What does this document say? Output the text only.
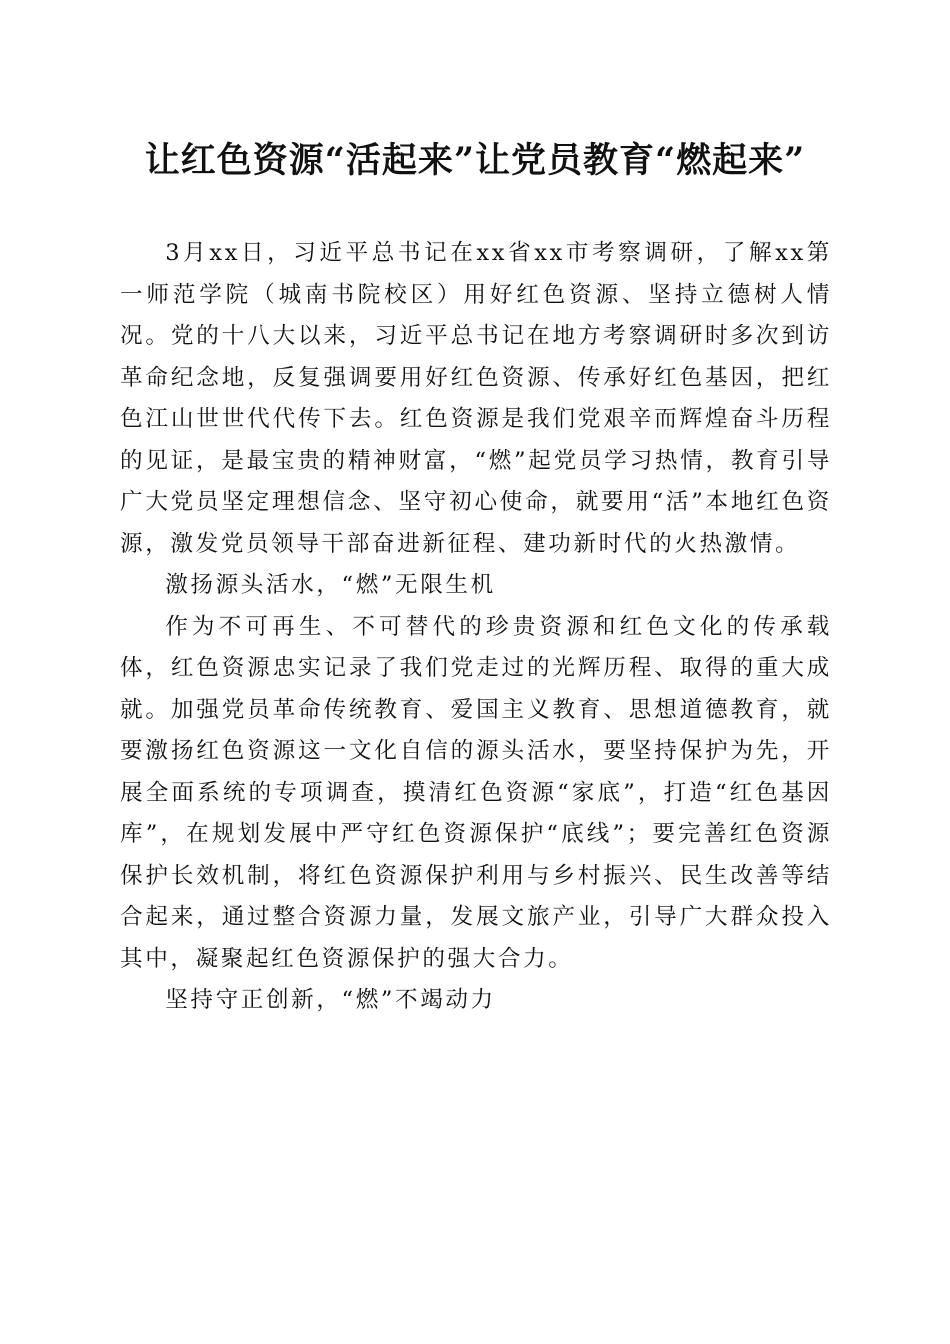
让红色资源“活起来”让党员教育“燃起来”

3月xx日，习近平总书记在xx省xx市考察调研，了解xx第一师范学院（城南书院校区）用好红色资源、坚持立德树人情况。党的十八大以来，习近平总书记在地方考察调研时多次到访革命纪念地，反复强调要用好红色资源、传承好红色基因，把红色江山世世代代传下去。红色资源是我们党艰辛而辉煌奋斗历程的见证，是最宝贵的精神财富，“燃”起党员学习热情，教育引导广大党员坚定理想信念、坚守初心使命，就要用“活”本地红色资源，激发党员领导干部奋进新征程、建功新时代的火热激情。

激扬源头活水，“燃”无限生机

作为不可再生、不可替代的珍贵资源和红色文化的传承载体，红色资源忠实记录了我们党走过的光辉历程、取得的重大成就。加强党员革命传统教育、爱国主义教育、思想道德教育，就要激扬红色资源这一文化自信的源头活水，要坚持保护为先，开展全面系统的专项调查，摸清红色资源“家底”，打造“红色基因库”，在规划发展中严守红色资源保护“底线”；要完善红色资源保护长效机制，将红色资源保护利用与乡村振兴、民生改善等结合起来，通过整合资源力量，发展文旅产业，引导广大群众投入其中，凝聚起红色资源保护的强大合力。

坚持守正创新，“燃”不竭动力
